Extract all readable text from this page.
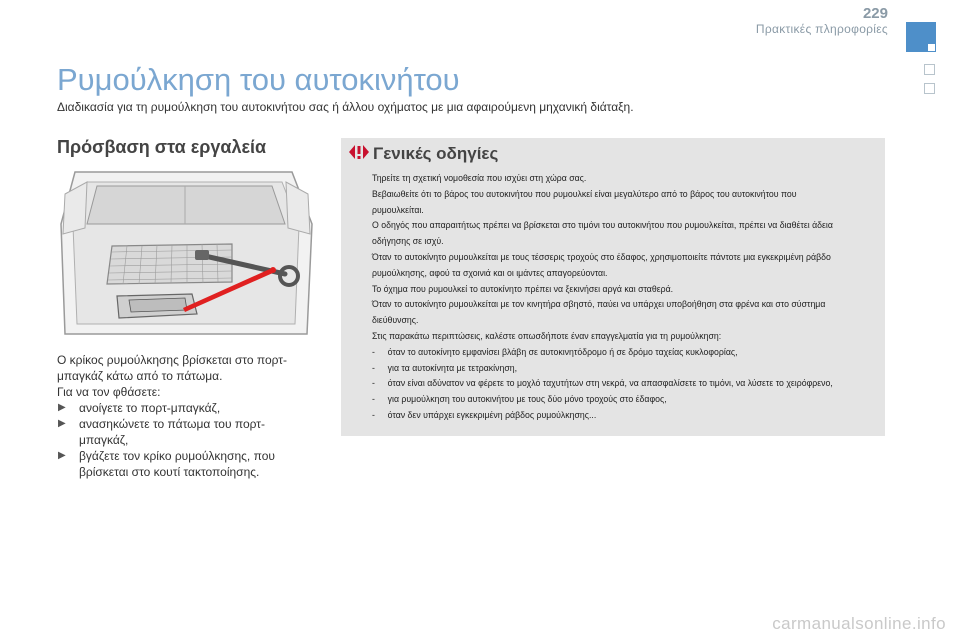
229
Πρακτικές πληροφορίες
Ρυμούλκηση του αυτοκινήτου
Διαδικασία για τη ρυμούλκηση του αυτοκινήτου σας ή άλλου οχήματος με μια αφαιρούμενη μηχανική διάταξη.
Πρόσβαση στα εργαλεία

Ο κρίκος ρυμούλκησης βρίσκεται στο πορτ-

μπαγκάζ κάτω από το πάτωμα.

Για να τον φθάσετε:

▶ ανοίγετε το πορτ-μπαγκάζ,
▶ ανασηκώνετε το πάτωμα του πορτ-
μπαγκάζ,
▶ βγάζετε τον κρίκο ρυμούλκησης, που
βρίσκεται στο κουτί τακτοποίησης.
Γενικές οδηγίες

Τηρείτε τη σχετική νομοθεσία που ισχύει στη χώρα σας.

Βεβαιωθείτε ότι το βάρος του αυτοκινήτου που ρυμουλκεί είναι μεγαλύτερο από το βάρος του αυτοκινήτου που

ρυμουλκείται.

Ο οδηγός που απαραιτήτως πρέπει να βρίσκεται στο τιμόνι του αυτοκινήτου που ρυμουλκείται, πρέπει να διαθέτει άδεια

οδήγησης σε ισχύ.

Όταν το αυτοκίνητο ρυμουλκείται με τους τέσσερις τροχούς στο έδαφος, χρησιμοποιείτε πάντοτε μια εγκεκριμένη ράβδο

ρυμούλκησης, αφού τα σχοινιά και οι ιμάντες απαγορεύονται.

Το όχημα που ρυμουλκεί το αυτοκίνητο πρέπει να ξεκινήσει αργά και σταθερά.

Όταν το αυτοκίνητο ρυμουλκείται με τον κινητήρα σβηστό, παύει να υπάρχει υποβοήθηση στα φρένα και στο σύστημα

διεύθυνσης.

Στις παρακάτω περιπτώσεις, καλέστε οπωσδήποτε έναν επαγγελματία για τη ρυμούλκηση:

- όταν το αυτοκίνητο εμφανίσει βλάβη σε αυτοκινητόδρομο ή σε δρόμο ταχείας κυκλοφορίας,
- για τα αυτοκίνητα με τετρακίνηση,
- όταν είναι αδύνατον να φέρετε το μοχλό ταχυτήτων στη νεκρά, να απασφαλίσετε το τιμόνι, να λύσετε το χειρόφρενο,
- για ρυμούλκηση του αυτοκινήτου με τους δύο μόνο τροχούς στο έδαφος,
- όταν δεν υπάρχει εγκεκριμένη ράβδος ρυμούλκησης...
carmanualsonline.info
